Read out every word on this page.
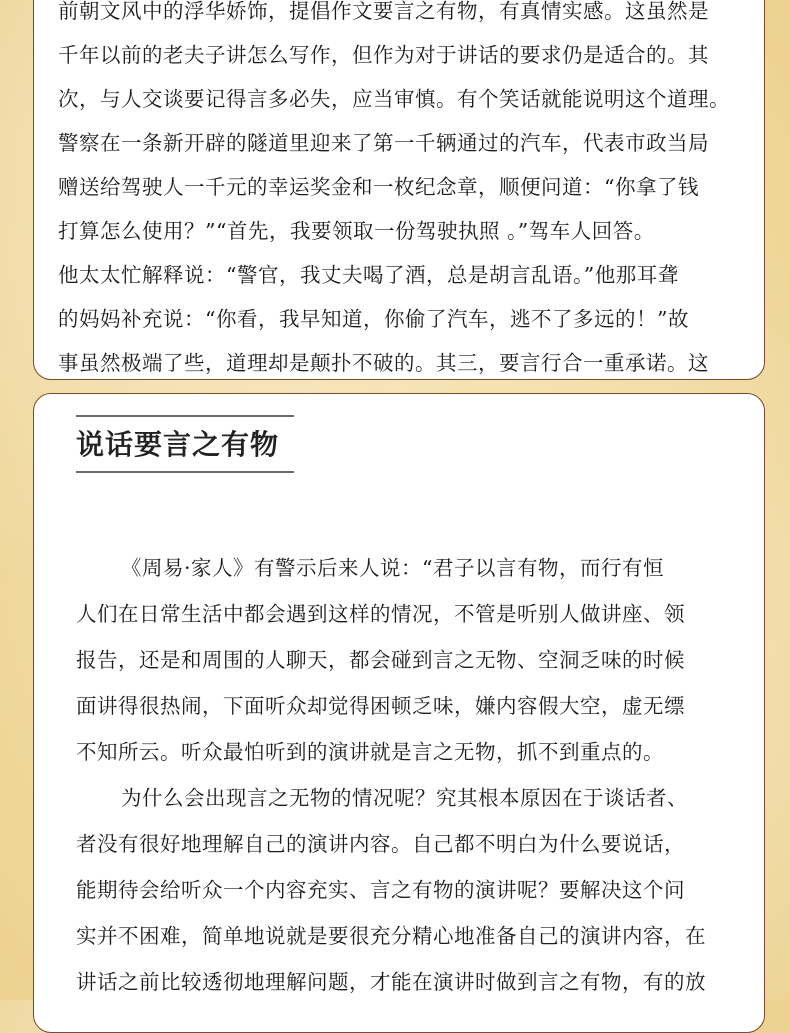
前朝文风中的浮华娇饰，提倡作文要言之有物，有真情实感。这虽然是
千年以前的老夫子讲怎么写作，但作为对于讲话的要求仍是适合的。其
次，与人交谈要记得言多必失，应当审慎。有个笑话就能说明这个道理。
警察在一条新开辟的隧道里迎来了第一千辆通过的汽车，代表市政当局
赠送给驾驶人一千元的幸运奖金和一枚纪念章，顺便问道：“你拿了钱
打算怎么使用？”“首先，我要领取一份驾驶执照 。”驾车人回答。
他太太忙解释说：“警官，我丈夫喝了酒，总是胡言乱语。”他那耳聋
的妈妈补充说：“你看，我早知道，你偷了汽车，逃不了多远的！”故
事虽然极端了些，道理却是颠扑不破的。其三，要言行合一重承诺。这
说话要言之有物
《周易·家人》有警示后来人说：“君子以言有物，而行有恒
人们在日常生活中都会遇到这样的情况，不管是听别人做讲座、领
报告，还是和周围的人聊天，都会碰到言之无物、空洞乏味的时候
面讲得很热闹，下面听众却觉得困顿乏味，嫌内容假大空，虚无缥
不知所云。听众最怕听到的演讲就是言之无物，抓不到重点的。
为什么会出现言之无物的情况呢？究其根本原因在于谈话者、
者没有很好地理解自己的演讲内容。自己都不明白为什么要说话，
能期待会给听众一个内容充实、言之有物的演讲呢？要解决这个问
实并不困难，简单地说就是要很充分精心地准备自己的演讲内容，在
讲话之前比较透彻地理解问题，才能在演讲时做到言之有物，有的放
